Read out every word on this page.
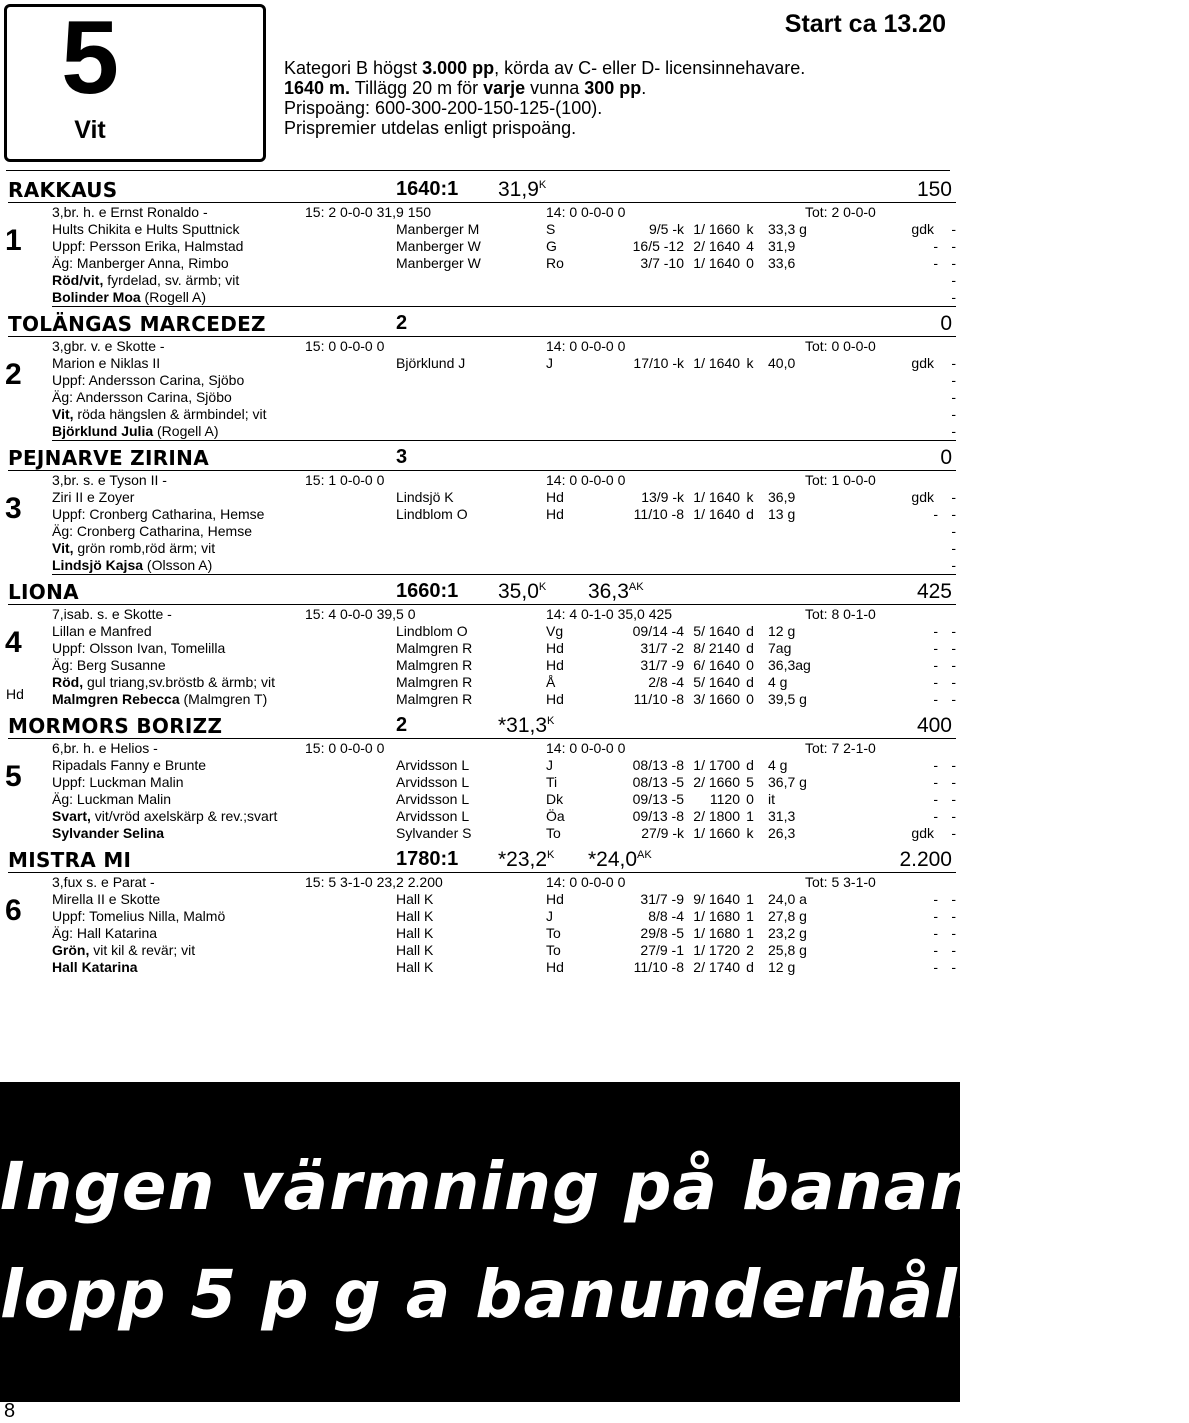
5
Vit
Start ca 13.20
Kategori B högst 3.000 pp, körda av C- eller D- licensinnehavare.
1640 m. Tillägg 20 m för varje vunna 300 pp.
Prispoäng: 600-300-200-150-125-(100).
Prispremier utdelas enligt prispoäng.
RAKKAUS	1640:1 $31,9^K$	150
1
3,br. h. e Ernst Ronaldo -	15: 2 0-0-0 31,9 150	14: 0 0-0-0 0	Tot: 2 0-0-0
Hults Chikita e Hults Sputtnick	Manberger M	S	9/5 -k 1/ 1660 k	33,3 g	gdk -
Uppf: Persson Erika, Halmstad	Manberger W	G	16/5 -12 2/ 1640 4 31,9	- -
Äg: Manberger Anna, Rimbo	Manberger W	Ro	3/7 -10 1/ 1640 0 33,6	- -
Röd/vit, fyrdelad, sv. ärmb; vit	-
Bolinder Moa (Rogell A)	-
TOLÄNGAS MARCEDEZ	2	0
2
3,gbr. v. e Skotte -	15: 0 0-0-0 0	14: 0 0-0-0 0	Tot: 0 0-0-0
Marion e Niklas II	Björklund J	J	17/10 -k 1/ 1640 k	40,0	gdk -
Uppf: Andersson Carina, Sjöbo	-
Äg: Andersson Carina, Sjöbo	-
Vit, röda hängslen & ärmbindel; vit	-
Björklund Julia (Rogell A)	-
PEJNARVE ZIRINA	3	0
3
3,br. s. e Tyson II -	15: 1 0-0-0 0	14: 0 0-0-0 0	Tot: 1 0-0-0
Ziri II e Zoyer	Lindsjö K	Hd	13/9 -k 1/ 1640 k	36,9	gdk -
Uppf: Cronberg Catharina, Hemse	Lindblom O	Hd	11/10 -8 1/ 1640 d 13 g	- -
Äg: Cronberg Catharina, Hemse	-
Vit, grön romb,röd ärm; vit	-
Lindsjö Kajsa (Olsson A)	-
LIONA	1660:1 $35,0^K$ $36,3^{AK}$	425
4
Hd
7,isab. s. e Skotte -	15: 4 0-0-0 39,5 0	14: 4 0-1-0 35,0 425	Tot: 8 0-1-0
Lillan e Manfred	Lindblom O	Vg	09/14 -4 5/ 1640 d 12 g	- -
Uppf: Olsson Ivan, Tomelilla	Malmgren R	Hd	31/7 -2 8/ 2140 d 7ag	- -
Äg: Berg Susanne	Malmgren R	Hd	31/7 -9 6/ 1640 0 36,3ag	- -
Röd, gul triang,sv.bröstb & ärmb; vit	Malmgren R	Å	2/8 -4 5/ 1640 d 4 g	- -
Malmgren Rebecca (Malmgren T)	Malmgren R	Hd	11/10 -8 3/ 1660 0 39,5 g	- -
MORMORS BORIZZ	2	$*31,3^K$	400
5
6,br. h. e Helios -	15: 0 0-0-0 0	14: 0 0-0-0 0	Tot: 7 2-1-0
Ripadals Fanny e Brunte	Arvidsson L	J	08/13 -8 1/ 1700 d 4 g	- -
Uppf: Luckman Malin	Arvidsson L	Ti	08/13 -5 2/ 1660 5 36,7 g	- -
Äg: Luckman Malin	Arvidsson L	Dk	09/13 -5	1120 0 it	- -
Svart, vit/vröd axelskärp & rev.;svart	Arvidsson L	Öa	09/13 -8 2/ 1800 1 31,3	- -
Sylvander Selina	Sylvander S	To	27/9 -k 1/ 1660 k	26,3	gdk -
MISTRA MI	1780:1 $*23,2^K$ $*24,0^{AK}$	2.200
6
3,fux s. e Parat -	15: 5 3-1-0 23,2 2.200	14: 0 0-0-0 0	Tot: 5 3-1-0
Mirella II e Skotte	Hall K	Hd	31/7 -9 9/ 1640 1 24,0 a	- -
Uppf: Tomelius Nilla, Malmö	Hall K	J	8/8 -4 1/ 1680 1 27,8 g	- -
Äg: Hall Katarina	Hall K	To	29/8 -5 1/ 1680 1 23,2 g	- -
Grön, vit kil & revär; vit	Hall K	To	27/9 -1 1/ 1720 2 25,8 g	- -
Hall Katarina	Hall K	Hd	11/10 -8 2/ 1740 d 12 g	- -
Ingen värmning på banan efter
lopp 5 p g a banunderhåll!
8
